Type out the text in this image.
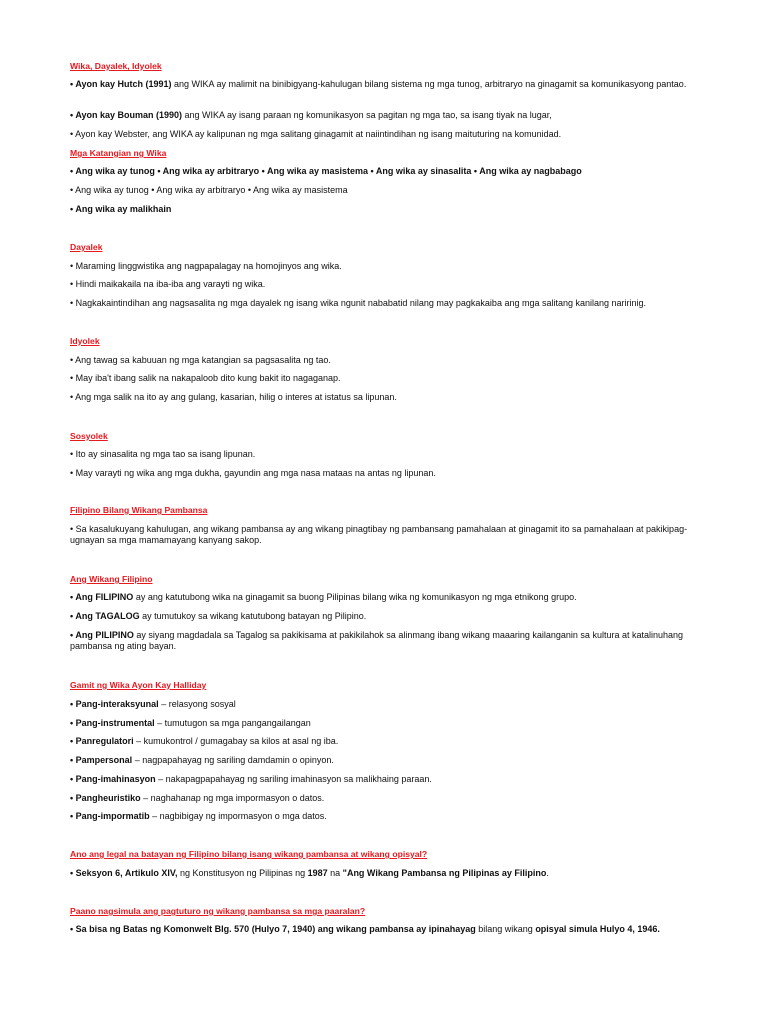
Wika, Dayalek, Idyolek
• Ayon kay Hutch (1991) ang WIKA ay malimit na binibigyang-kahulugan bilang sistema ng mga tunog, arbitraryo na ginagamit sa komunikasyong pantao.
• Ayon kay Bouman (1990) ang WIKA ay isang paraan ng komunikasyon sa pagitan ng mga tao, sa isang tiyak na lugar,
• Ayon kay Webster, ang WIKA ay kalipunan ng mga salitang ginagamit at naiintindihan ng isang maituturing na komunidad.
Mga Katangian ng Wika
• Ang wika ay tunog • Ang wika ay arbitraryo • Ang wika ay masistema • Ang wika ay sinasalita • Ang wika ay nagbabago
• Ang wika ay tunog • Ang wika ay arbitraryo • Ang wika ay masistema
• Ang wika ay malikhain
Dayalek
• Maraming linggwistika ang nagpapalagay na homojinyos ang wika.
• Hindi maikakaila na iba-iba ang varayti ng wika.
• Nagkakaintindihan ang nagsasalita ng mga dayalek ng isang wika ngunit nababatid nilang may pagkakaiba ang mga salitang kanilang naririnig.
Idyolek
• Ang tawag sa kabuuan ng mga katangian sa pagsasalita ng tao.
• May iba't ibang salik na nakapaloob dito kung bakit ito nagaganap.
• Ang mga salik na ito ay ang gulang, kasarian, hilig o interes at istatus sa lipunan.
Sosyolek
• Ito ay sinasalita ng mga tao sa isang lipunan.
• May varayti ng wika ang mga dukha, gayundin ang mga nasa mataas na antas ng lipunan.
Filipino Bilang Wikang Pambansa
• Sa kasalukuyang kahulugan, ang wikang pambansa ay ang wikang pinagtibay ng pambansang pamahalaan at ginagamit ito sa pamahalaan at pakikipag-ugnayan sa mga mamamayang kanyang sakop.
Ang Wikang Filipino
• Ang FILIPINO ay ang katutubong wika na ginagamit sa buong Pilipinas bilang wika ng komunikasyon ng mga etnikong grupo.
• Ang TAGALOG ay tumutukoy sa wikang katutubong batayan ng Pilipino.
• Ang PILIPINO ay siyang magdadala sa Tagalog sa pakikisama at pakikilahok sa alinmang ibang wikang maaaring kailanganin sa kultura at katalinuhang pambansa ng ating bayan.
Gamit ng Wika Ayon Kay Halliday
• Pang-interaksyunal – relasyong sosyal
• Pang-instrumental – tumutugon sa mga pangangailangan
• Panregulatori – kumukontrol / gumagabay sa kilos at asal ng iba.
• Pampersonal – nagpapahayag ng sariling damdamin o opinyon.
• Pang-imahinasyon – nakapagpapahayag ng sariling imahinasyon sa malikhaing paraan.
• Pangheuristiko – naghahanap ng mga impormasyon o datos.
• Pang-impormatib – nagbibigay ng impormasyon o mga datos.
Ano ang legal na batayan ng Filipino bilang isang wikang pambansa at wikang opisyal?
• Seksyon 6, Artikulo XIV, ng Konstitusyon ng Pilipinas ng 1987 na "Ang Wikang Pambansa ng Pilipinas ay Filipino.
Paano nagsimula ang pagtuturo ng wikang pambansa sa mga paaralan?
• Sa bisa ng Batas ng Komonwelt Blg. 570 (Hulyo 7, 1940) ang wikang pambansa ay ipinahayag bilang wikang opisyal simula Hulyo 4, 1946.
